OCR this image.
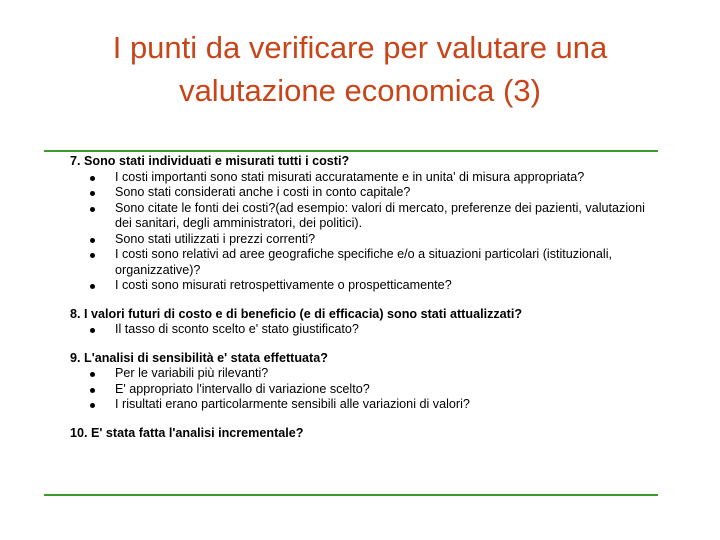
I punti da verificare per valutare una
valutazione economica (3)

7. Sono stati individuati e misurati tutti i costi?

I costi importanti sono stati misurati accuratamente e in unita' di misura appropriata?
Sono stati considerati anche i costi in conto capitale?
Sono citate le fonti dei costi?(ad esempio: valori di mercato, preferenze dei pazienti, valutazioni dei sanitari, degli amministratori, dei politici).
Sono stati utilizzati i prezzi correnti?
I costi sono relativi ad aree geografiche specifiche e/o a situazioni particolari (istituzionali, organizzative)?
I costi sono misurati retrospettivamente o prospetticamente?

8. I valori futuri di costo e di beneficio (e di efficacia) sono stati attualizzati?

Il tasso di sconto scelto e' stato giustificato?

9. L'analisi di sensibilità e' stata effettuata?

Per le variabili più rilevanti?
E' appropriato l'intervallo di variazione scelto?
I risultati erano particolarmente sensibili alle variazioni di valori?

10. E' stata fatta l'analisi incrementale?
